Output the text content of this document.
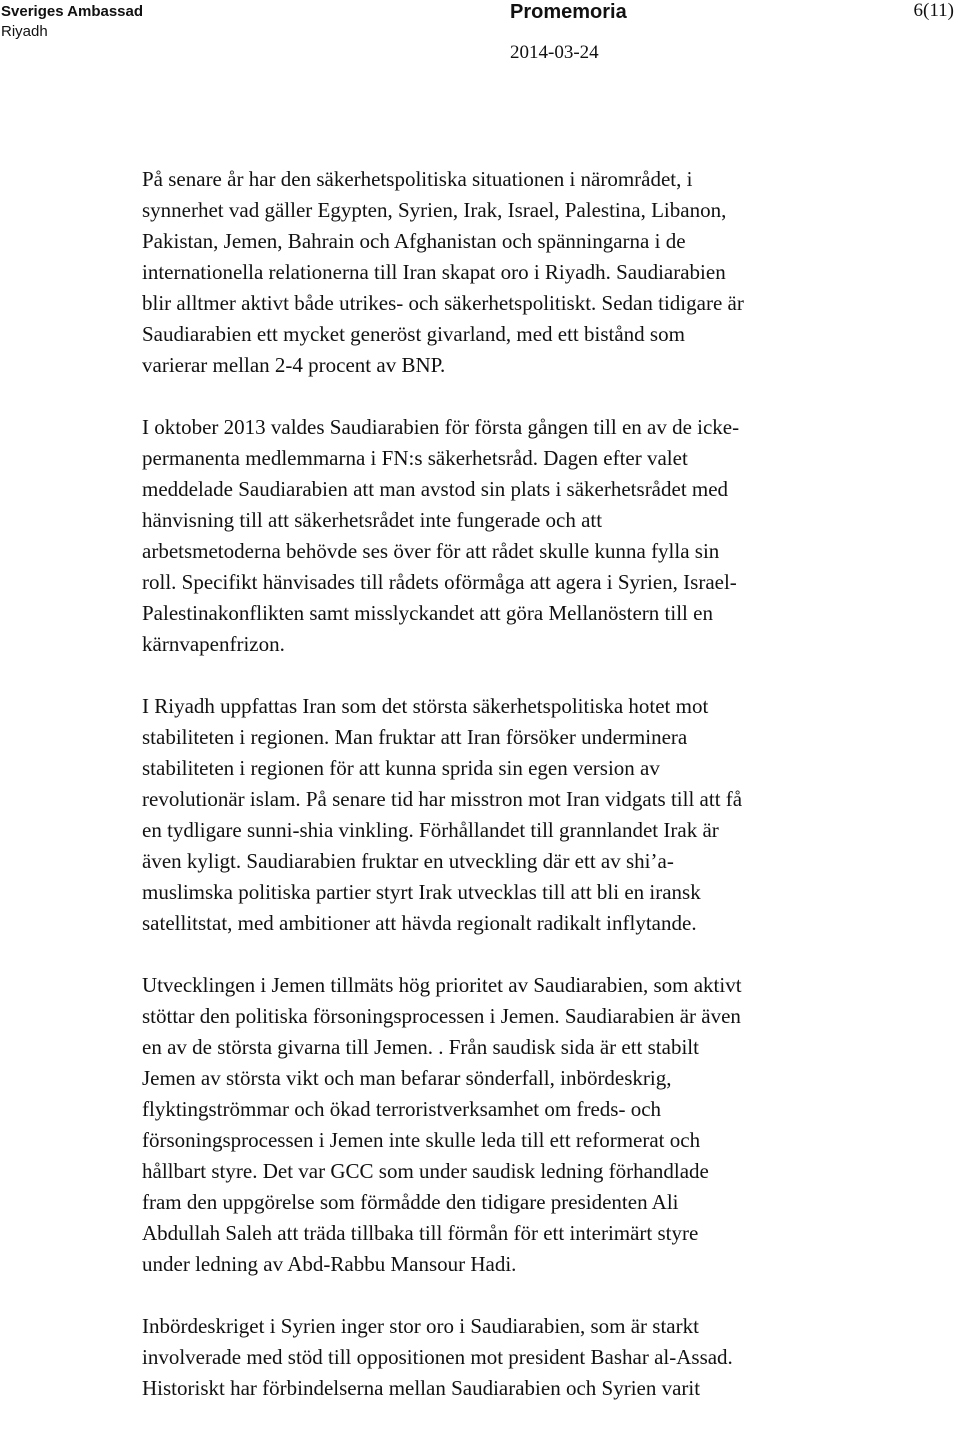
Sveriges Ambassad
Riyadh
Promemoria
2014-03-24
6(11)

På senare år har den säkerhetspolitiska situationen i närområdet, i
synnerhet vad gäller Egypten, Syrien, Irak, Israel, Palestina, Libanon,
Pakistan, Jemen, Bahrain och Afghanistan och spänningarna i de
internationella relationerna till Iran skapat oro i Riyadh. Saudiarabien
blir alltmer aktivt både utrikes- och säkerhetspolitiskt. Sedan tidigare är
Saudiarabien ett mycket generöst givarland, med ett bistånd som
varierar mellan 2-4 procent av BNP.

I oktober 2013 valdes Saudiarabien för första gången till en av de icke-
permanenta medlemmarna i FN:s säkerhetsråd. Dagen efter valet
meddelade Saudiarabien att man avstod sin plats i säkerhetsrådet med
hänvisning till att säkerhetsrådet inte fungerade och att
arbetsmetoderna behövde ses över för att rådet skulle kunna fylla sin
roll. Specifikt hänvisades till rådets oförmåga att agera i Syrien, Israel-
Palestinakonflikten samt misslyckandet att göra Mellanöstern till en
kärnvapenfrizon.

I Riyadh uppfattas Iran som det största säkerhetspolitiska hotet mot
stabiliteten i regionen. Man fruktar att Iran försöker underminera
stabiliteten i regionen för att kunna sprida sin egen version av
revolutionär islam. På senare tid har misstron mot Iran vidgats till att få
en tydligare sunni-shia vinkling. Förhållandet till grannlandet Irak är
även kyligt. Saudiarabien fruktar en utveckling där ett av shi’a-
muslimska politiska partier styrt Irak utvecklas till att bli en iransk
satellitstat, med ambitioner att hävda regionalt radikalt inflytande.

Utvecklingen i Jemen tillmäts hög prioritet av Saudiarabien, som aktivt
stöttar den politiska försoningsprocessen i Jemen. Saudiarabien är även
en av de största givarna till Jemen. . Från saudisk sida är ett stabilt
Jemen av största vikt och man befarar sönderfall, inbördeskrig,
flyktingströmmar och ökad terroristverksamhet om freds- och
försoningsprocessen i Jemen inte skulle leda till ett reformerat och
hållbart styre. Det var GCC som under saudisk ledning förhandlade
fram den uppgörelse som förmådde den tidigare presidenten Ali
Abdullah Saleh att träda tillbaka till förmån för ett interimärt styre
under ledning av Abd-Rabbu Mansour Hadi.

Inbördeskriget i Syrien inger stor oro i Saudiarabien, som är starkt
involverade med stöd till oppositionen mot president Bashar al-Assad.
Historiskt har förbindelserna mellan Saudiarabien och Syrien varit
